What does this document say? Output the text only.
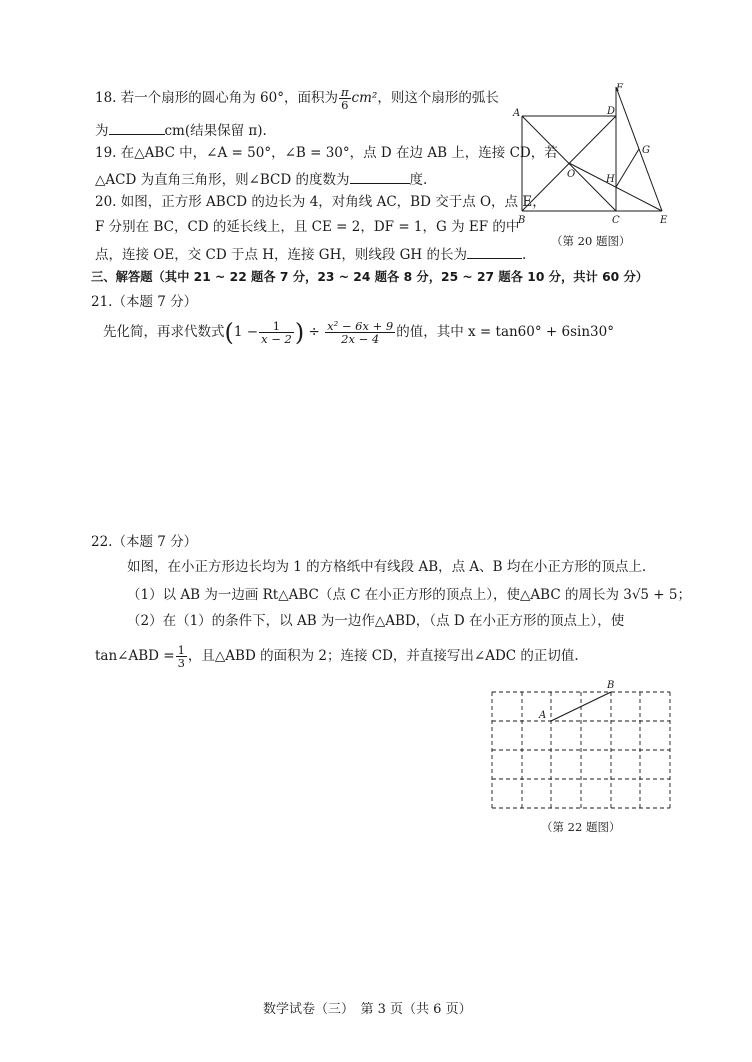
18. 若一个扇形的圆心角为 60°，面积为 $\frac{\pi}{6} cm^2$，则这个扇形的弧长
为	cm(结果保留 π).
19. 在△ABC 中，∠A = 50°，∠B = 30°，点 D 在边 AB 上，连接 CD，若
△ACD 为直角三角形，则∠BCD 的度数为	度.
20. 如图，正方形 ABCD 的边长为 4，对角线 AC，BD 交于点 O，点 E，
F 分别在 BC，CD 的延长线上，且 CE = 2，DF = 1，G 为 EF 的中
点，连接 OE，交 CD 于点 H，连接 GH，则线段 GH 的长为	.
A
B	C
D
E
F
G
H
O
（第 20 题图）
三、解答题（其中 21 ~ 22 题各 7 分，23 ~ 24 题各 8 分，25 ~ 27 题各 10 分，共计 60 分）
21.（本题 7 分）
先化简，再求代数式($1 - \frac{1}{x - 2}$ ) ÷ $\frac{\text{x² − 6x + 9}}{2x - 4}$ 的值，其中 x = tan60° + 6sin30°
22.（本题 7 分）
如图，在小正方形边长均为 1 的方格纸中有线段 AB，点 A、B 均在小正方形的顶点上.
（1）以 AB 为一边画 Rt△ABC（点 C 在小正方形的顶点上），使△ABC 的周长为 3√5 + 5；
（2）在（1）的条件下，以 AB 为一边作△ABD，（点 D 在小正方形的顶点上），使
tan∠ABD = $\frac{1}{3}$ ，且△ABD 的面积为 2；连接 CD，并直接写出∠ADC 的正切值.
A
B
（第 22 题图）
数学试卷（三）　第 3 页（共 6 页）
